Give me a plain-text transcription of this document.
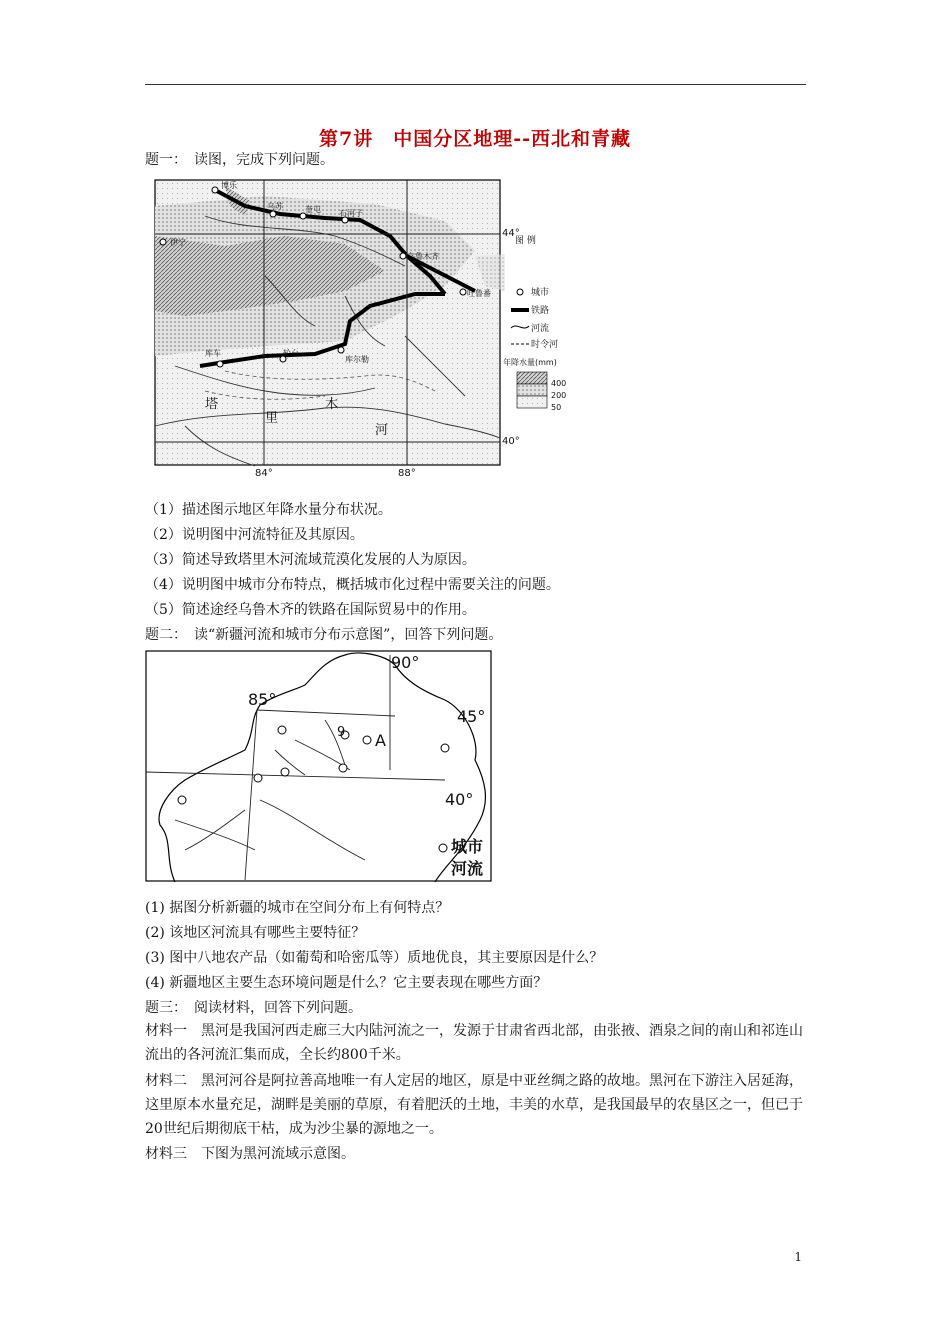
第7讲　中国分区地理--西北和青藏
题一：　读图，完成下列问题。
博乐
乌苏	奎屯 石河子
伊宁
乌鲁木齐
吐鲁番
库车	轮台
库尔勒
塔
里
木
河
44°
40°
84°	88°
图 例
城市
铁路
河流
时令河
年降水量(mm)
400
200
50
（1）描述图示地区年降水量分布状况。
（2）说明图中河流特征及其原因。
（3）简述导致塔里木河流域荒漠化发展的人为原因。
（4）说明图中城市分布特点，概括城市化过程中需要关注的问题。
（5）简述途经乌鲁木齐的铁路在国际贸易中的作用。
题二：　读“新疆河流和城市分布示意图”，回答下列问题。
90°
85°
45°
40°
A
9
城市
河流
(1) 据图分析新疆的城市在空间分布上有何特点？
(2) 该地区河流具有哪些主要特征？
(3) 图中八地农产品（如葡萄和哈密瓜等）质地优良，其主要原因是什么？
(4) 新疆地区主要生态环境问题是什么？它主要表现在哪些方面？
题三：　阅读材料，回答下列问题。
材料一　黑河是我国河西走廊三大内陆河流之一，发源于甘肃省西北部，由张掖、酒泉之间的南山和祁连山流出的各河流汇集而成，全长约800千米。
材料二　黑河河谷是阿拉善高地唯一有人定居的地区，原是中亚丝绸之路的故地。黑河在下游注入居延海，这里原本水量充足，湖畔是美丽的草原，有着肥沃的土地，丰美的水草，是我国最早的农垦区之一，但已于20世纪后期彻底干枯，成为沙尘暴的源地之一。
材料三　下图为黑河流域示意图。
1
